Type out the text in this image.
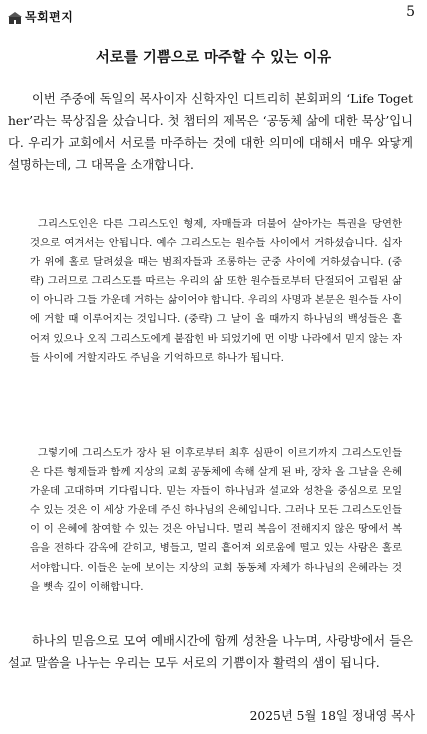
목회편지	5
서로를 기쁨으로 마주할 수 있는 이유

이번 주중에 독일의 목사이자 신학자인 디트리히 본회퍼의 ‘Life Together’라는 묵상집을 샀습니다. 첫 챕터의 제목은 ‘공동체 삶에 대한 묵상’입니다. 우리가 교회에서 서로를 마주하는 것에 대한 의미에 대해서 매우 와닿게 설명하는데, 그 대목을 소개합니다.

그리스도인은 다른 그리스도인 형제, 자매들과 더불어 살아가는 특권을 당연한 것으로 여겨서는 안됩니다. 예수 그리스도는 원수들 사이에서 거하셨습니다. 십자가 위에 홀로 달려셨을 때는 범죄자들과 조롱하는 군중 사이에 거하셨습니다. (중략) 그러므로 그리스도를 따르는 우리의 삶 또한 원수들로부터 단절되어 고립된 삶이 아니라 그들 가운데 거하는 삶이어야 합니다. 우리의 사명과 본문은 원수들 사이에 거할 때 이루어지는 것입니다. (중략) 그 날이 올 때까지 하나님의 백성들은 흩어져 있으나 오직 그리스도에게 붙잡힌 바 되었기에 먼 이방 나라에서 믿지 않는 자들 사이에 거할지라도 주님을 기억하므로 하나가 됩니다.

그렇기에 그리스도가 장사 된 이후로부터 최후 심판이 이르기까지 그리스도인들은 다른 형제들과 함께 지상의 교회 공동체에 속해 살게 된 바, 장차 올 그날을 은혜 가운데 고대하며 기다립니다. 믿는 자들이 하나님과 설교와 성찬을 중심으로 모일 수 있는 것은 이 세상 가운데 주신 하나님의 은혜입니다. 그러나 모든 그리스도인들이 이 은혜에 참여할 수 있는 것은 아닙니다. 멀리 복음이 전해지지 않은 땅에서 복음을 전하다 감옥에 갇히고, 병들고, 멀리 흩어져 외로움에 떨고 있는 사람은 홀로 서야합니다. 이들은 눈에 보이는 지상의 교회 동동체 자체가 하나님의 은혜라는 것을 뼛속 깊이 이해합니다.

하나의 믿음으로 모여 예배시간에 함께 성찬을 나누며, 사랑방에서 들은 설교 말씀을 나누는 우리는 모두 서로의 기쁨이자 활력의 샘이 됩니다.

2025년 5월 18일 정내영 목사
